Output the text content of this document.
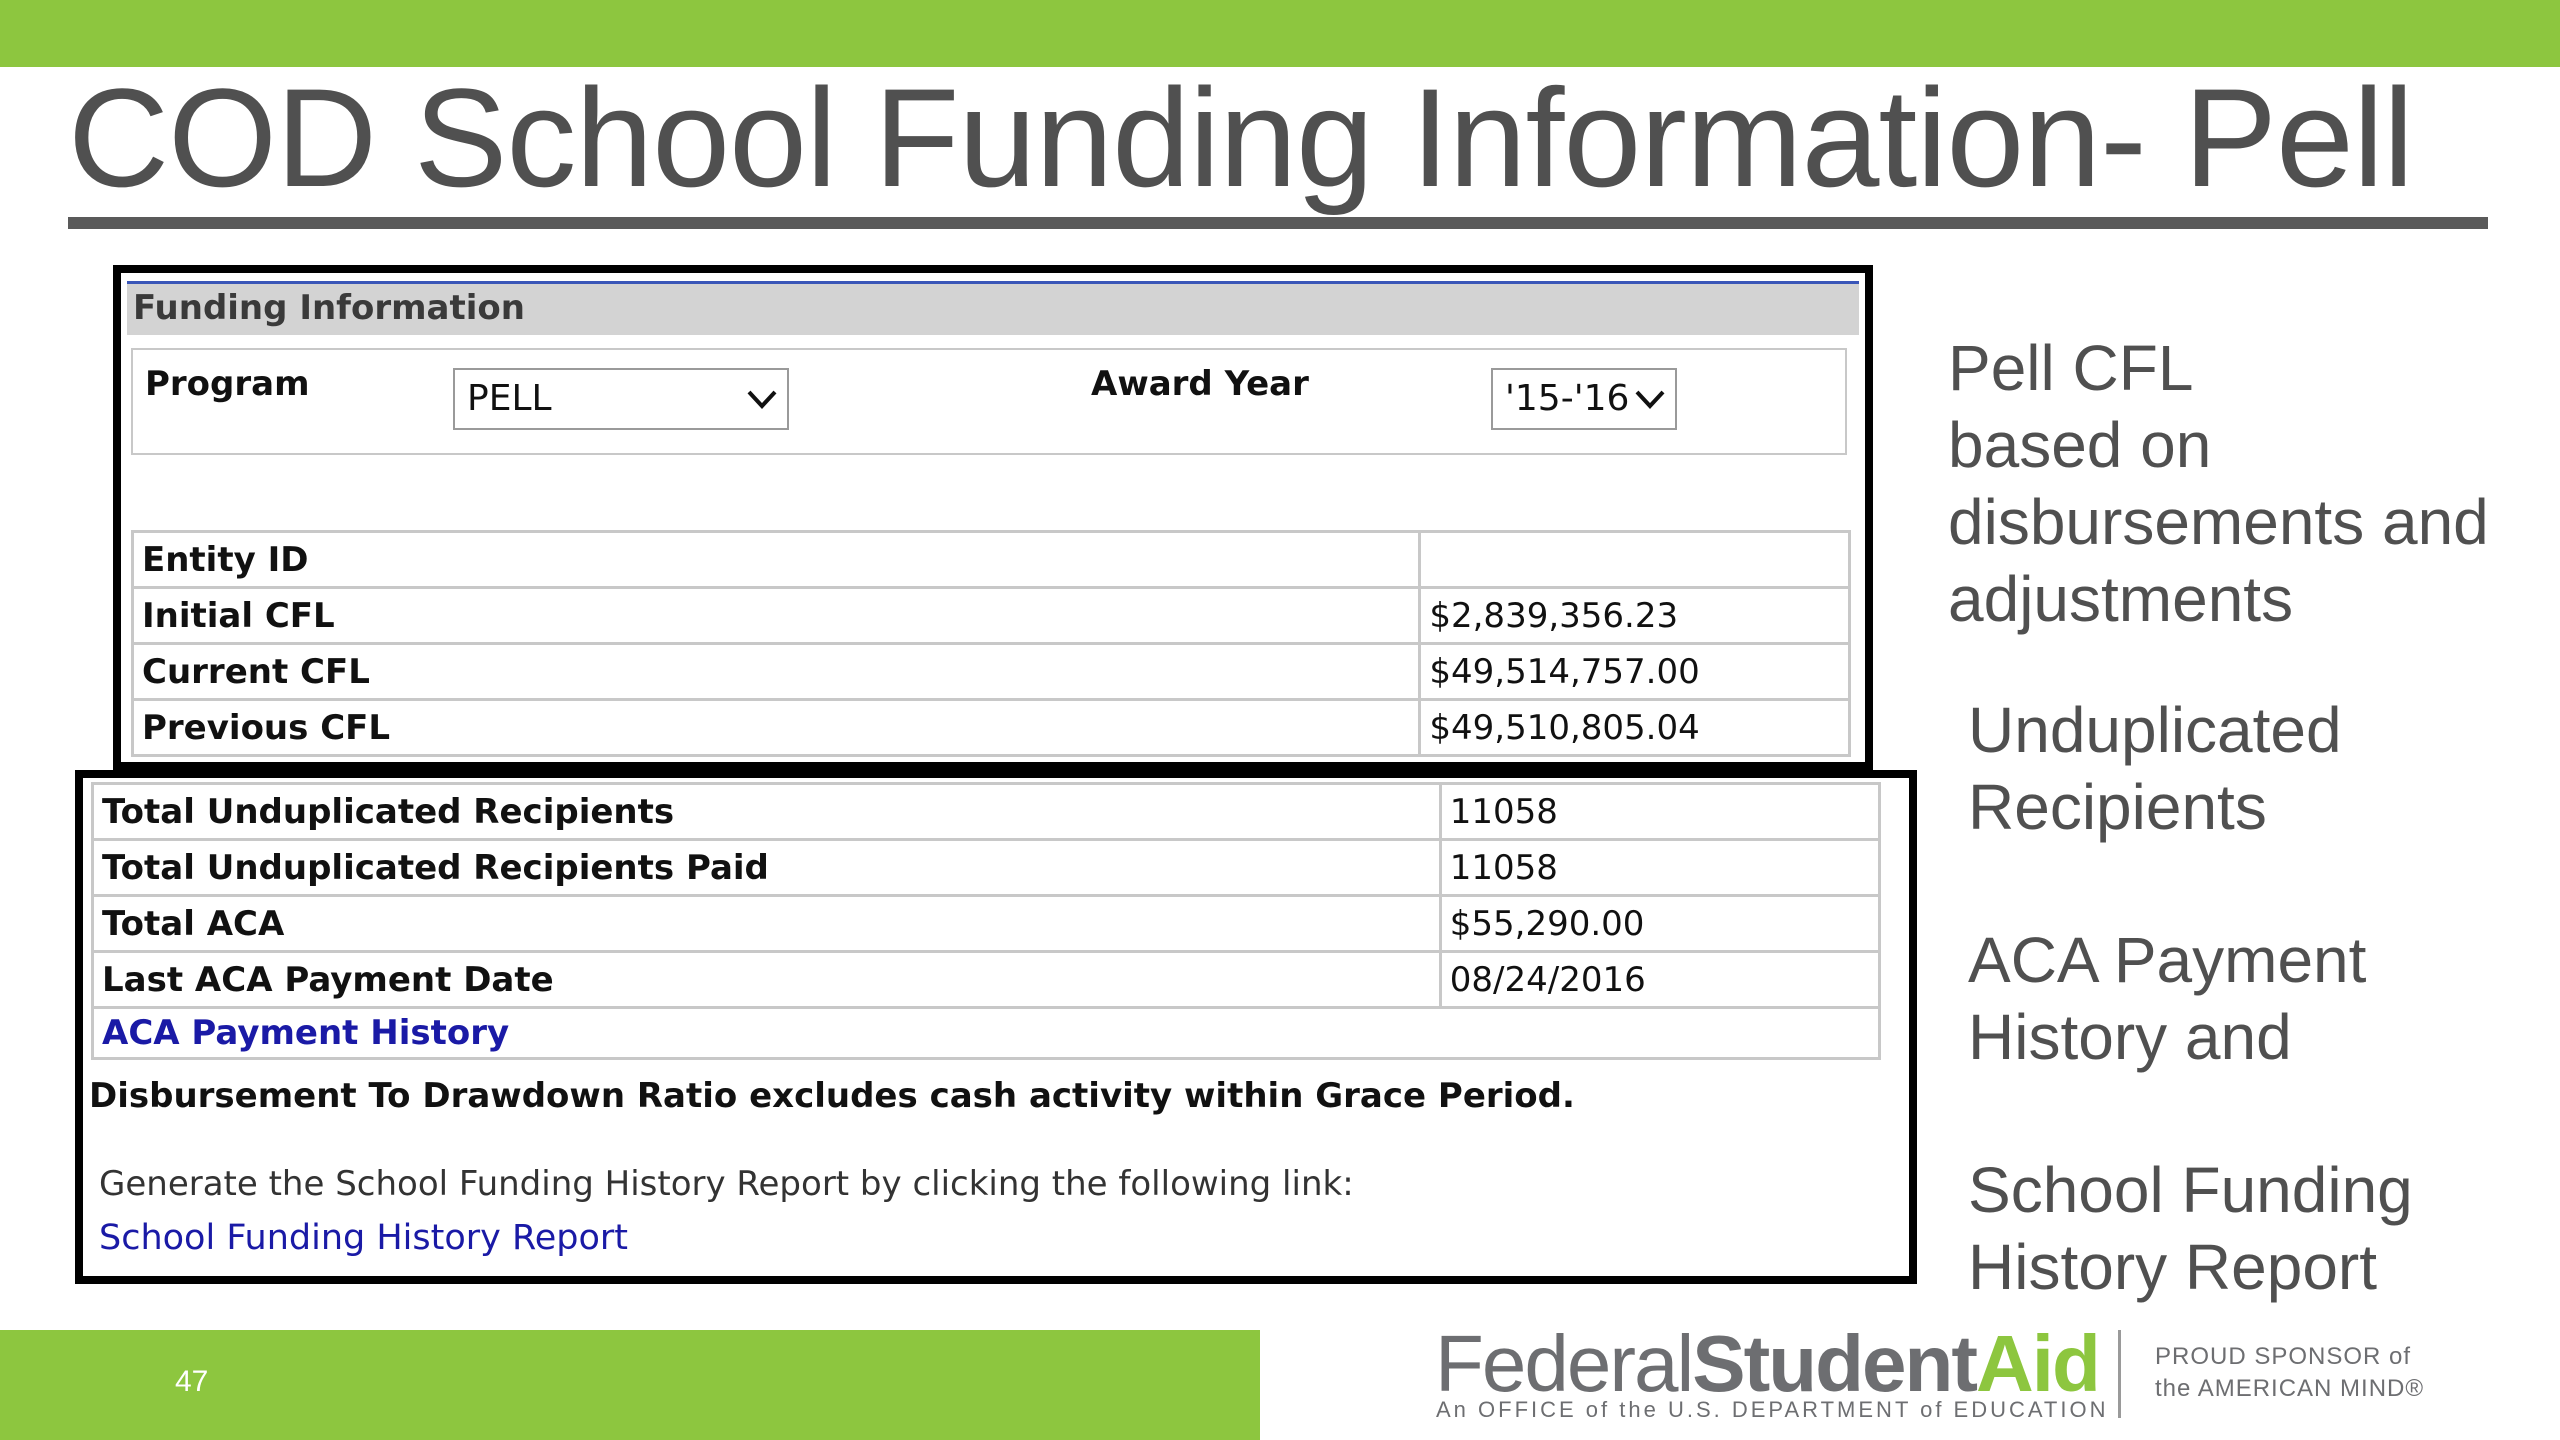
COD School Funding Information- Pell
Funding Information
Program	PELL	Award Year	'15-'16
Entity ID	
Initial CFL	$2,839,356.23
Current CFL	$49,514,757.00
Previous CFL	$49,510,805.04
Total Unduplicated Recipients	11058
Total Unduplicated Recipients Paid	11058
Total ACA	$55,290.00
Last ACA Payment Date	08/24/2016
ACA Payment History	
Disbursement To Drawdown Ratio excludes cash activity within Grace Period.
Generate the School Funding History Report by clicking the following link:
School Funding History Report
Pell CFL
based on
disbursements and
adjustments
Unduplicated
Recipients
ACA Payment
History and
School Funding
History Report
47	FederalStudentAid
An OFFICE of the U.S. DEPARTMENT of EDUCATION
PROUD SPONSOR of
the AMERICAN MIND®
